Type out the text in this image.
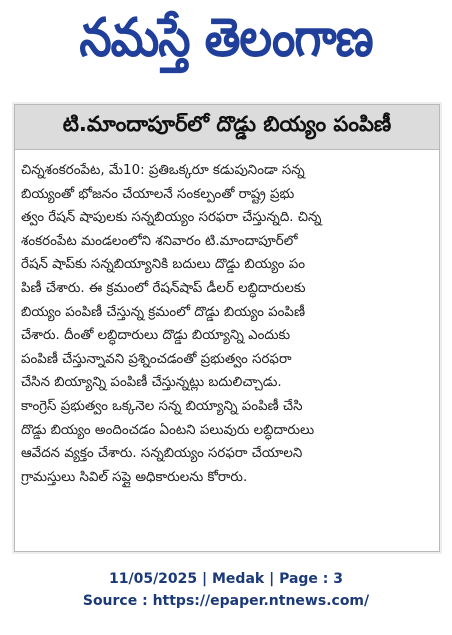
నమస్తే తెలంగాణ
టి.మాందాపూర్‌లో దొడ్డు బియ్యం పంపిణీ
చిన్నశంకరంపేట, మే10: ప్రతిఒక్కరూ కడుపునిండా సన్న
బియ్యంతో భోజనం చేయాలనే సంకల్పంతో రాష్ట్ర ప్రభు
త్వం రేషన్ షాపులకు సన్నబియ్యం సరఫరా చేస్తున్నది. చిన్న
శంకరంపేట మండలంలోని శనివారం టి.మాందాపూర్‌లో
రేషన్ షాప్‌కు సన్నబియ్యానికి బదులు దొడ్డు బియ్యం పం
పిణీ చేశారు. ఈ క్రమంలో రేషన్‌షాప్ డీలర్ లబ్ధిదారులకు
బియ్యం పంపిణీ చేస్తున్న క్రమంలో దొడ్డు బియ్యం పంపిణీ
చేశారు. దీంతో లబ్ధిదారులు దొడ్డు బియ్యాన్ని ఎందుకు
పంపిణీ చేస్తున్నావని ప్రశ్నించడంతో ప్రభుత్వం సరఫరా
చేసిన బియ్యాన్ని పంపిణీ చేస్తున్నట్లు బదులిచ్చాడు.
కాంగ్రెస్ ప్రభుత్వం ఒక్కనెల సన్న బియ్యాన్ని పంపిణీ చేసి
దొడ్డు బియ్యం అందించడం ఏంటని పలువురు లబ్ధిదారులు
ఆవేదన వ్యక్తం చేశారు. సన్నబియ్యం సరఫరా చేయాలని
గ్రామస్తులు సివిల్ సప్లై అధికారులను కోరారు.
11/05/2025 | Medak | Page : 3
Source : https://epaper.ntnews.com/
